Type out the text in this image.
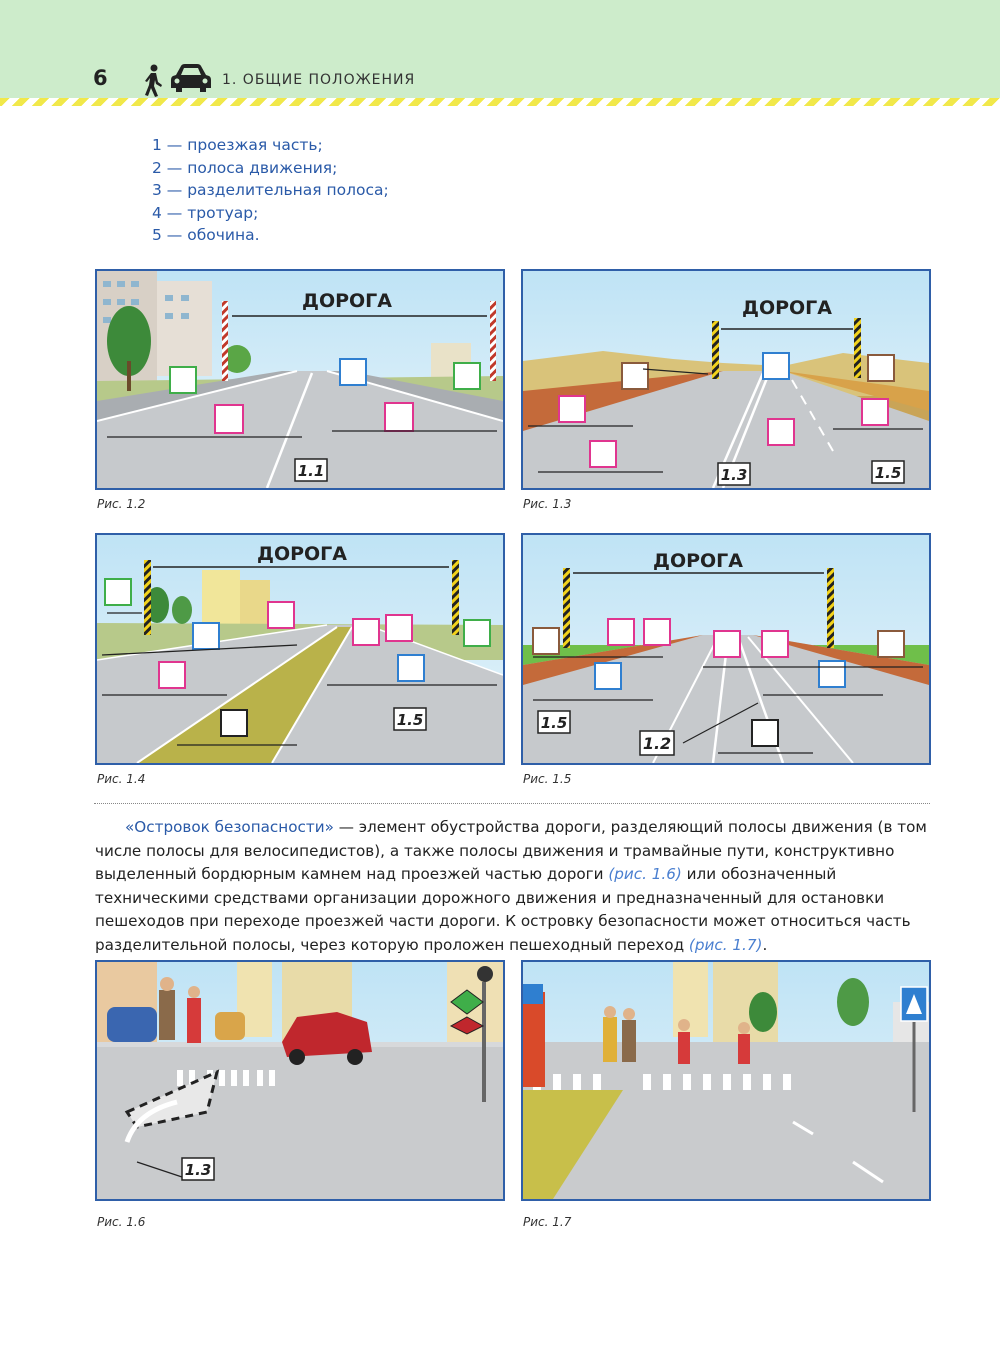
6	1. ОБЩИЕ ПОЛОЖЕНИЯ
1 — проезжая часть;
2 — полоса движения;
3 — разделительная полоса;
4 — тротуар;
5 — обочина.
1.1
ДОРОГА
Рис. 1.2
ДОРОГА
1.3	1.5
Рис. 1.3
ДОРОГА
1.5
Рис. 1.4
ДОРОГА
1.5
1.2
Рис. 1.5
«Островок безопасности» — элемент обустройства дороги, разделяющий полосы движения (в том числе полосы для велосипедистов), а также полосы движения и трамвайные пути, конструктивно выделенный бордюрным камнем над проезжей частью дороги (рис. 1.6) или обозначенный техническими средствами организации дорожного движения и предназначенный для остановки пешеходов при переходе проезжей части дороги. К островку безопасности может относиться часть разделительной полосы, через которую проложен пешеходный переход (рис. 1.7).
1.3
Рис. 1.6	Рис. 1.7
